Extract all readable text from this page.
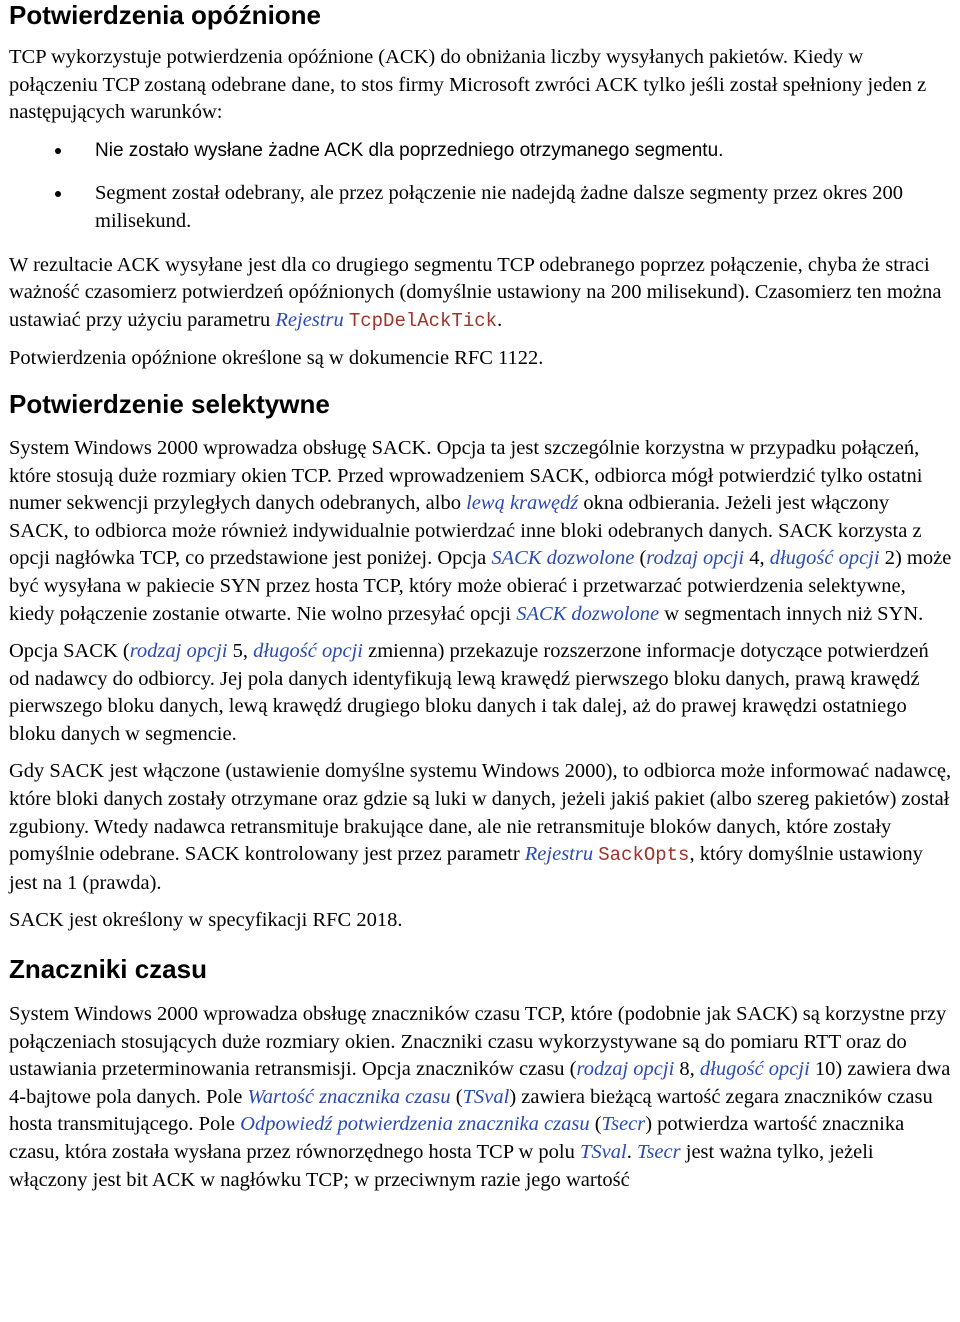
Potwierdzenia opóźnione

TCP wykorzystuje potwierdzenia opóźnione (ACK) do obniżania liczby wysyłanych pakietów. Kiedy w połączeniu TCP zostaną odebrane dane, to stos firmy Microsoft zwróci ACK tylko jeśli został spełniony jeden z następujących warunków:

Nie zostało wysłane żadne ACK dla poprzedniego otrzymanego segmentu.
Segment został odebrany, ale przez połączenie nie nadejdą żadne dalsze segmenty przez okres 200 milisekund.

W rezultacie ACK wysyłane jest dla co drugiego segmentu TCP odebranego poprzez połączenie, chyba że straci ważność czasomierz potwierdzeń opóźnionych (domyślnie ustawiony na 200 milisekund). Czasomierz ten można ustawiać przy użyciu parametru Rejestru TcpDelAckTick.

Potwierdzenia opóźnione określone są w dokumencie RFC 1122.

Potwierdzenie selektywne

System Windows 2000 wprowadza obsługę SACK. Opcja ta jest szczególnie korzystna w przypadku połączeń, które stosują duże rozmiary okien TCP. Przed wprowadzeniem SACK, odbiorca mógł potwierdzić tylko ostatni numer sekwencji przyległych danych odebranych, albo lewą krawędź okna odbierania. Jeżeli jest włączony SACK, to odbiorca może również indywidualnie potwierdzać inne bloki odebranych danych. SACK korzysta z opcji nagłówka TCP, co przedstawione jest poniżej. Opcja SACK dozwolone (rodzaj opcji 4, długość opcji 2) może być wysyłana w pakiecie SYN przez hosta TCP, który może obierać i przetwarzać potwierdzenia selektywne, kiedy połączenie zostanie otwarte. Nie wolno przesyłać opcji SACK dozwolone w segmentach innych niż SYN.

Opcja SACK (rodzaj opcji 5, długość opcji zmienna) przekazuje rozszerzone informacje dotyczące potwierdzeń od nadawcy do odbiorcy. Jej pola danych identyfikują lewą krawędź pierwszego bloku danych, prawą krawędź pierwszego bloku danych, lewą krawędź drugiego bloku danych i tak dalej, aż do prawej krawędzi ostatniego bloku danych w segmencie.

Gdy SACK jest włączone (ustawienie domyślne systemu Windows 2000), to odbiorca może informować nadawcę, które bloki danych zostały otrzymane oraz gdzie są luki w danych, jeżeli jakiś pakiet (albo szereg pakietów) został zgubiony. Wtedy nadawca retransmituje brakujące dane, ale nie retransmituje bloków danych, które zostały pomyślnie odebrane. SACK kontrolowany jest przez parametr Rejestru SackOpts, który domyślnie ustawiony jest na 1 (prawda).

SACK jest określony w specyfikacji RFC 2018.

Znaczniki czasu

System Windows 2000 wprowadza obsługę znaczników czasu TCP, które (podobnie jak SACK) są korzystne przy połączeniach stosujących duże rozmiary okien. Znaczniki czasu wykorzystywane są do pomiaru RTT oraz do ustawiania przeterminowania retransmisji. Opcja znaczników czasu (rodzaj opcji 8, długość opcji 10) zawiera dwa 4-bajtowe pola danych. Pole Wartość znacznika czasu (TSval) zawiera bieżącą wartość zegara znaczników czasu hosta transmitującego. Pole Odpowiedź potwierdzenia znacznika czasu (Tsecr) potwierdza wartość znacznika czasu, która została wysłana przez równorzędnego hosta TCP w polu TSval. Tsecr jest ważna tylko, jeżeli włączony jest bit ACK w nagłówku TCP; w przeciwnym razie jego wartość
